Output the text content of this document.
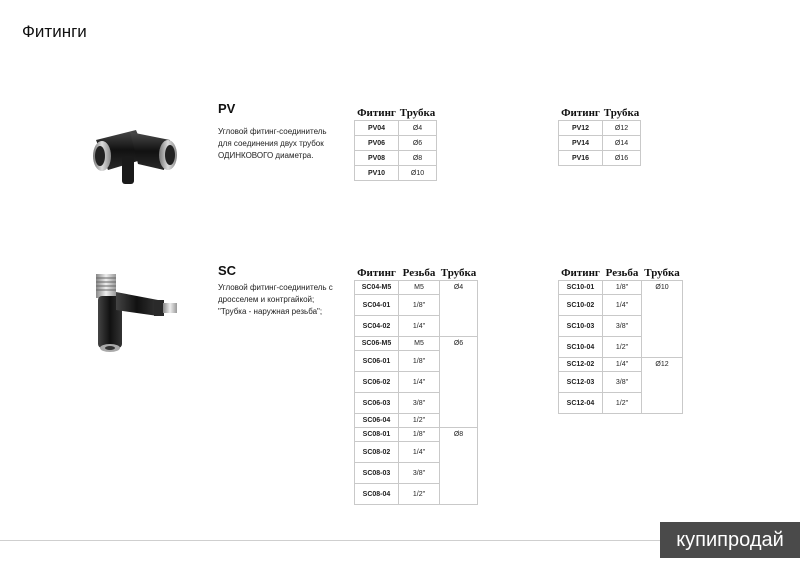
Фитинги
PV
Угловой фитинг-соединитель
для соединения двух трубок
ОДИНКОВОГО диаметра.
Фитинг	Трубка
PV04	Ø4
PV06	Ø6
PV08	Ø8
PV10	Ø10
Фитинг	Трубка
PV12	Ø12
PV14	Ø14
PV16	Ø16
SC
Угловой фитинг-соединитель с
дросселем и контргайкой;
"Трубка - наружная резьба";
Фитинг	Резьба	Трубка
SC04-M5	M5	Ø4
SC04-01	1/8"	
SC04-02	1/4"	
SC06-M5	M5	Ø6
SC06-01	1/8"	
SC06-02	1/4"	
SC06-03	3/8"	
SC06-04	1/2"	
SC08-01	1/8"	Ø8
SC08-02	1/4"	
SC08-03	3/8"	
SC08-04	1/2"	
Фитинг	Резьба	Трубка
SC10-01	1/8"	Ø10
SC10-02	1/4"	
SC10-03	3/8"	
SC10-04	1/2"	
SC12-02	1/4"	Ø12
SC12-03	3/8"	
SC12-04	1/2"	
купипродай
